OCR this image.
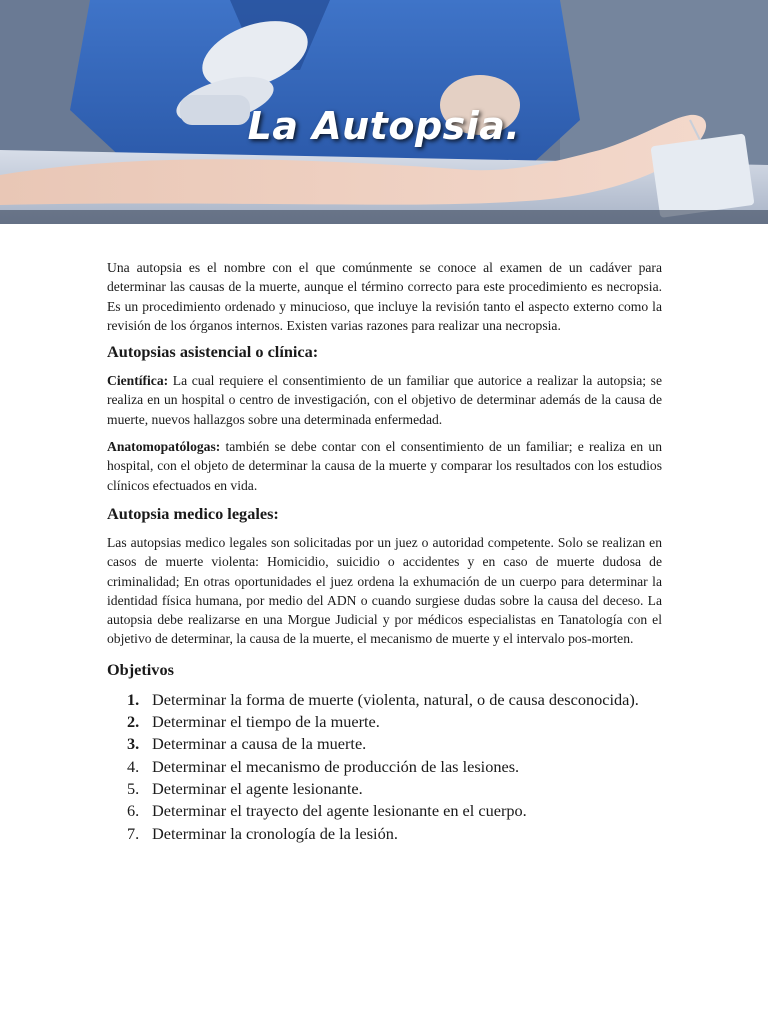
La Autopsia.

Una autopsia es el nombre con el que comúnmente se conoce al examen de un cadáver para determinar las causas de la muerte, aunque el término correcto para este procedimiento es necropsia. Es un procedimiento ordenado y minucioso, que incluye la revisión tanto el aspecto externo como la revisión de los órganos internos. Existen varias razones para realizar una necropsia.

Autopsias asistencial o clínica:

Científica: La cual requiere el consentimiento de un familiar que autorice a realizar la autopsia; se realiza en un hospital o centro de investigación, con el objetivo de determinar además de la causa de muerte, nuevos hallazgos sobre una determinada enfermedad.

Anatomopatólogas: también se debe contar con el consentimiento de un familiar; e realiza en un hospital, con el objeto de determinar la causa de la muerte y comparar los resultados con los estudios clínicos efectuados en vida.

Autopsia medico legales:

Las autopsias medico legales son solicitadas por un juez o autoridad competente. Solo se realizan en casos de muerte violenta: Homicidio, suicidio o accidentes y en caso de muerte dudosa de criminalidad; En otras oportunidades el juez ordena la exhumación de un cuerpo para determinar la identidad física humana, por medio del ADN o cuando surgiese dudas sobre la causa del deceso. La autopsia debe realizarse en una Morgue Judicial y por médicos especialistas en Tanatología con el objetivo de determinar, la causa de la muerte, el mecanismo de muerte y el intervalo pos-morten.

Objetivos
1. Determinar la forma de muerte (violenta, natural, o de causa desconocida).
2. Determinar el tiempo de la muerte.
3. Determinar a causa de la muerte.
4. Determinar el mecanismo de producción de las lesiones.
5. Determinar el agente lesionante.
6. Determinar el trayecto del agente lesionante en el cuerpo.
7. Determinar la cronología de la lesión.
